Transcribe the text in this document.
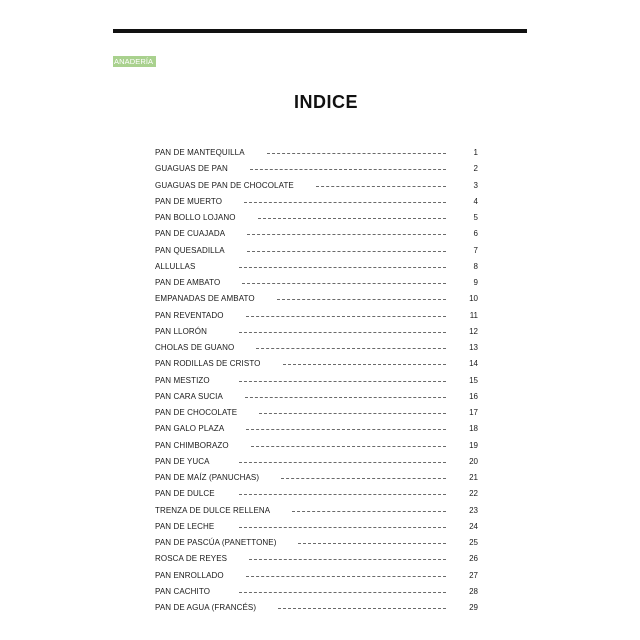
ANADERÍA
INDICE
PAN DE MANTEQUILLA	1
GUAGUAS DE PAN	2
GUAGUAS DE PAN DE CHOCOLATE	3
PAN DE MUERTO	4
PAN BOLLO LOJANO	5
PAN DE CUAJADA	6
PAN QUESADILLA	7
ALLULLAS	8
PAN DE AMBATO	9
EMPANADAS DE AMBATO	10
PAN REVENTADO	11
PAN LLORÓN	12
CHOLAS DE GUANO	13
PAN RODILLAS DE CRISTO	14
PAN MESTIZO	15
PAN CARA SUCIA	16
PAN DE CHOCOLATE	17
PAN GALO PLAZA	18
PAN CHIMBORAZO	19
PAN DE YUCA	20
PAN DE MAÍZ (PANUCHAS)	21
PAN DE DULCE	22
TRENZA DE DULCE RELLENA	23
PAN DE LECHE	24
PAN DE PASCÚA (PANETTONE)	25
ROSCA DE REYES	26
PAN ENROLLADO	27
PAN CACHITO	28
PAN DE AGUA (FRANCÉS)	29
